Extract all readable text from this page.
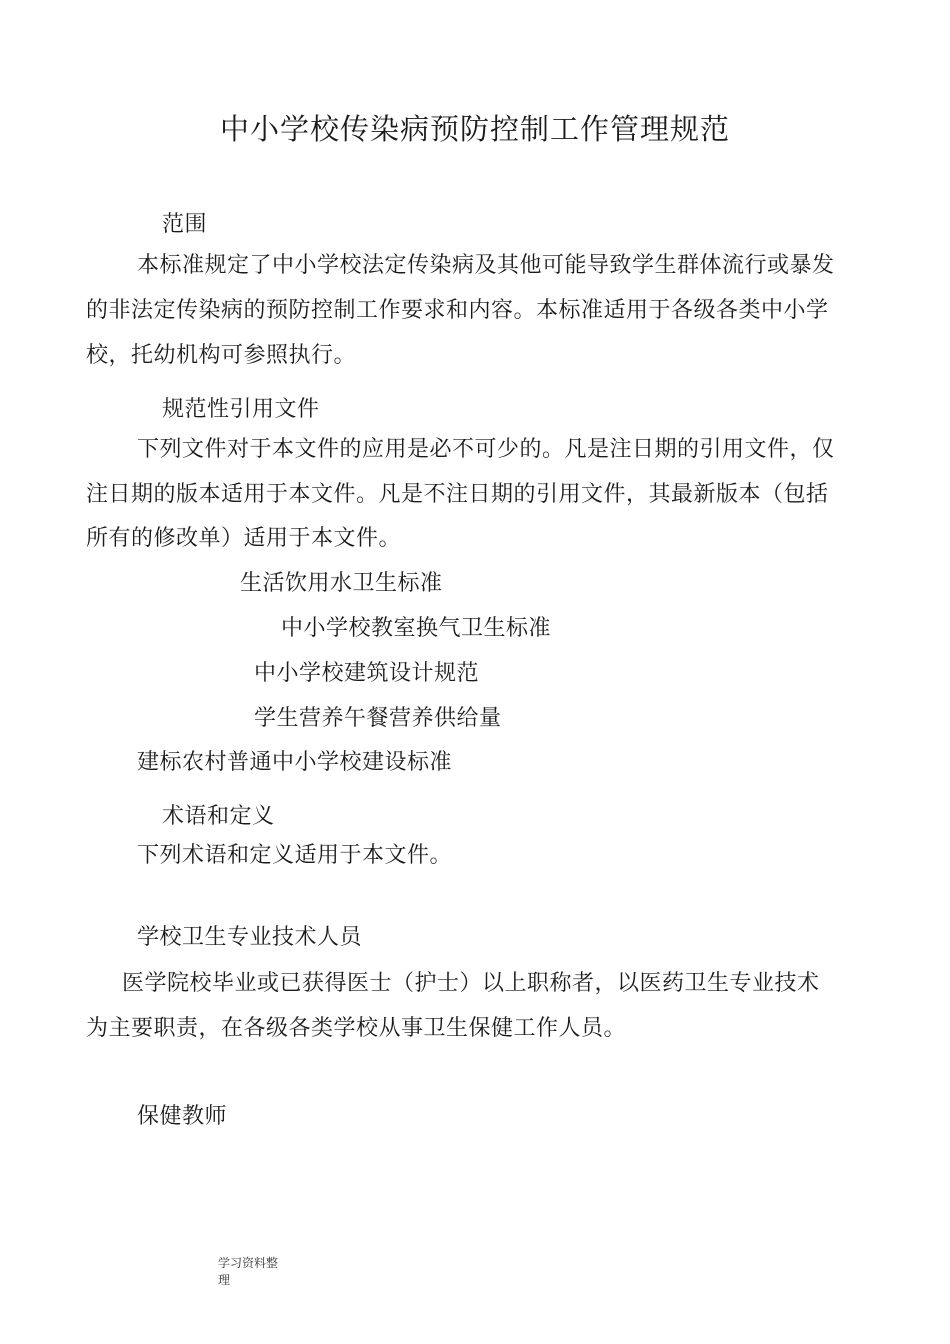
中小学校传染病预防控制工作管理规范
范围
本标准规定了中小学校法定传染病及其他可能导致学生群体流行或暴发
的非法定传染病的预防控制工作要求和内容。本标准适用于各级各类中小学
校，托幼机构可参照执行。
规范性引用文件
下列文件对于本文件的应用是必不可少的。凡是注日期的引用文件，仅
注日期的版本适用于本文件。凡是不注日期的引用文件，其最新版本（包括
所有的修改单）适用于本文件。
生活饮用水卫生标准
中小学校教室换气卫生标准
中小学校建筑设计规范
学生营养午餐营养供给量
建标农村普通中小学校建设标准
术语和定义
下列术语和定义适用于本文件。
学校卫生专业技术人员
医学院校毕业或已获得医士（护士）以上职称者，以医药卫生专业技术
为主要职责，在各级各类学校从事卫生保健工作人员。
保健教师
学习资料整
理
